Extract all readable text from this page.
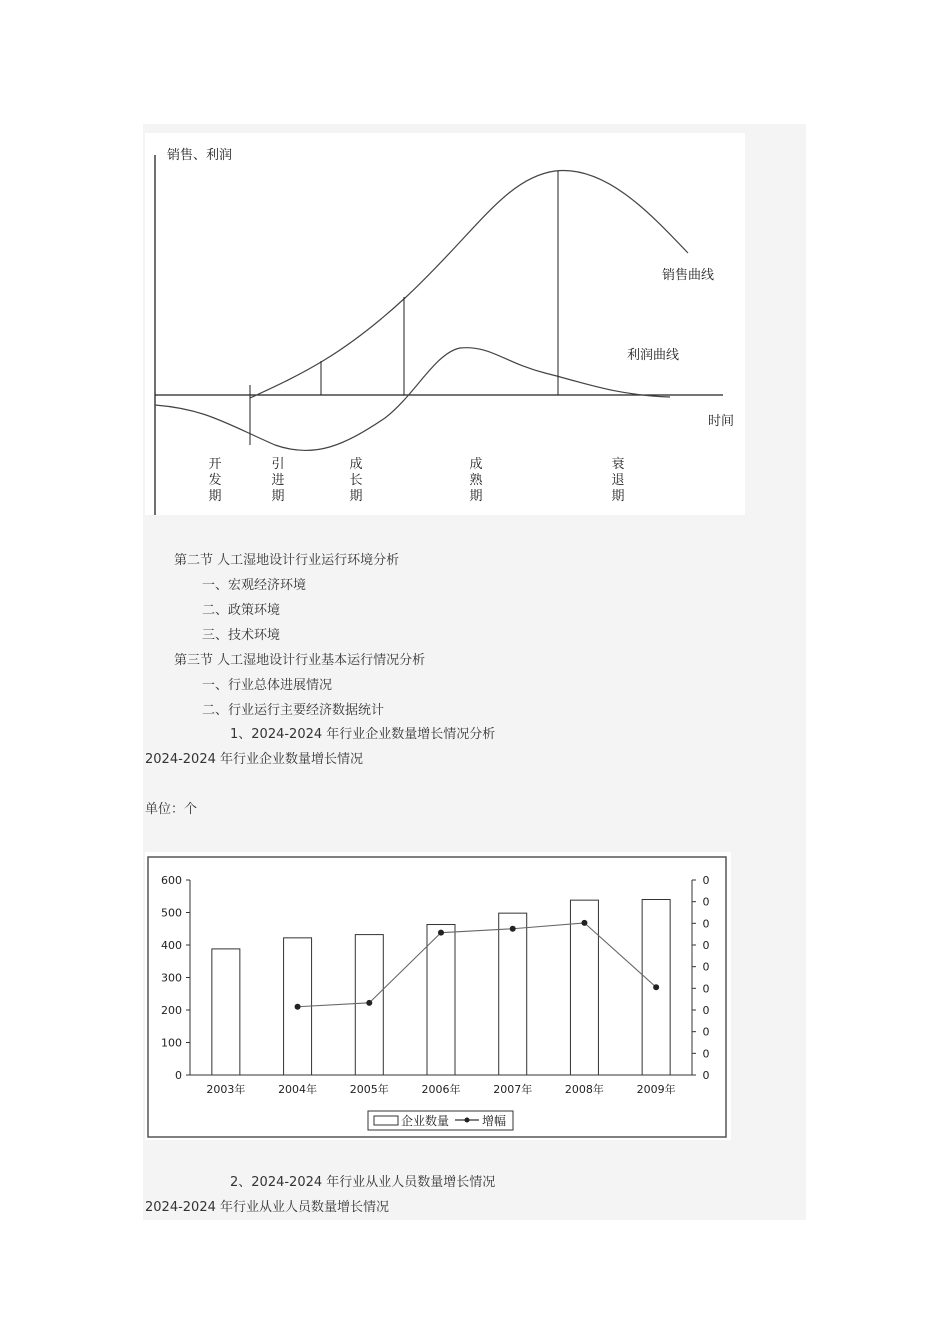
销售、利润
时间
销售曲线
利润曲线
开
发
期
引
进
期
成
长
期
成
熟
期
衰
退
期
第二节 人工湿地设计行业运行环境分析
一、宏观经济环境
二、政策环境
三、技术环境
第三节 人工湿地设计行业基本运行情况分析
一、行业总体进展情况
二、行业运行主要经济数据统计
1、2024-2024 年行业企业数量增长情况分析
2024-2024 年行业企业数量增长情况
单位：个
0
100
200
300
400
500
600
0
0
0
0
0
0
0
0
0
0
2003年	2004年	2005年	2006年	2007年	2008年	2009年
企业数量	增幅
2、2024-2024 年行业从业人员数量增长情况
2024-2024 年行业从业人员数量增长情况
